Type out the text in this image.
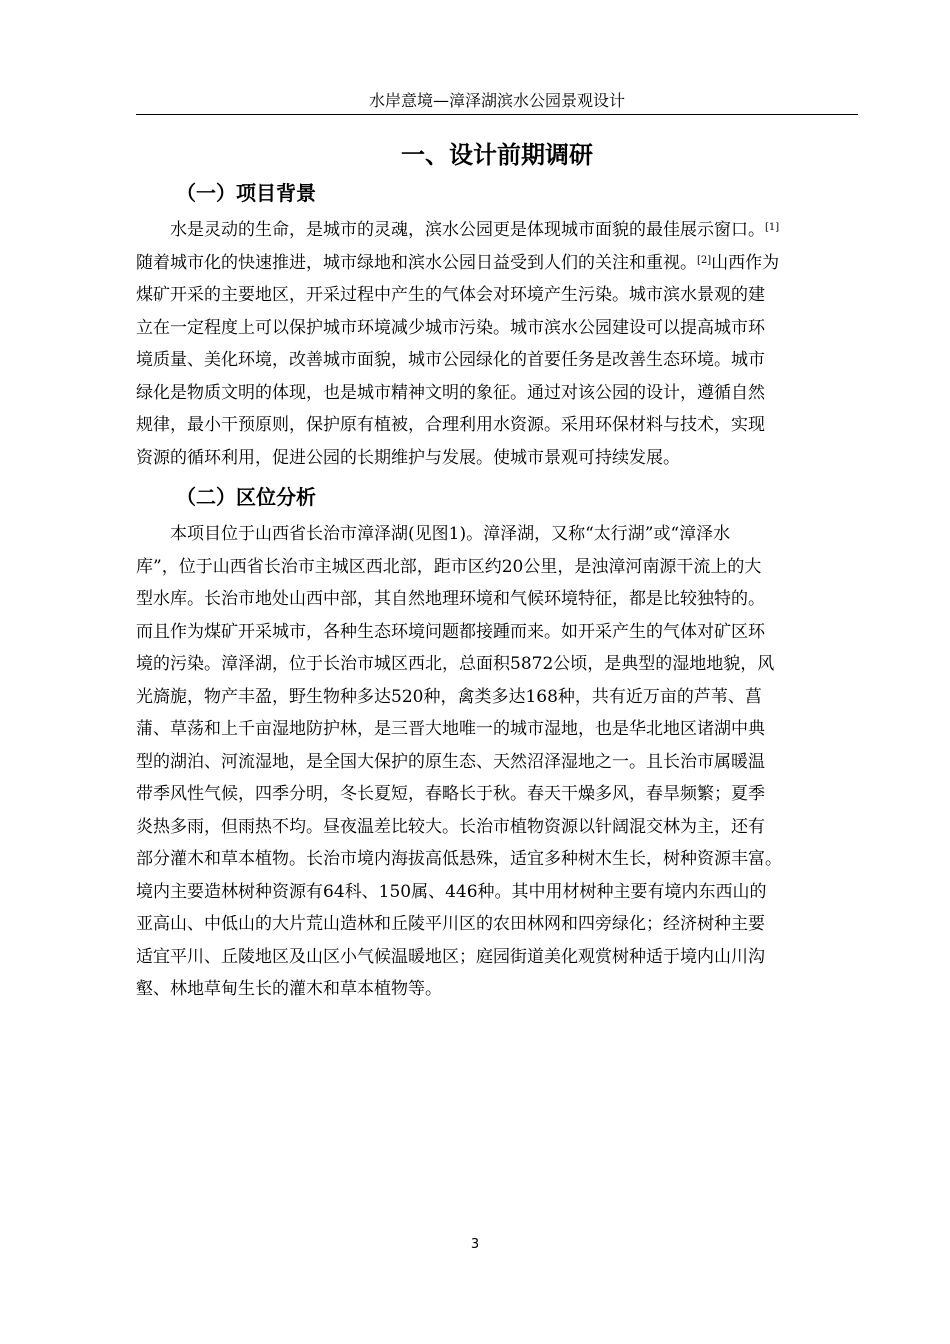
水岸意境—漳泽湖滨水公园景观设计
一、设计前期调研
（一）项目背景
　　水是灵动的生命，是城市的灵魂，滨水公园更是体现城市面貌的最佳展示窗口。[1]
随着城市化的快速推进，城市绿地和滨水公园日益受到人们的关注和重视。[2]山西作为
煤矿开采的主要地区，开采过程中产生的气体会对环境产生污染。城市滨水景观的建
立在一定程度上可以保护城市环境减少城市污染。城市滨水公园建设可以提高城市环
境质量、美化环境，改善城市面貌，城市公园绿化的首要任务是改善生态环境。城市
绿化是物质文明的体现，也是城市精神文明的象征。通过对该公园的设计，遵循自然
规律，最小干预原则，保护原有植被，合理利用水资源。采用环保材料与技术，实现
资源的循环利用，促进公园的长期维护与发展。使城市景观可持续发展。
（二）区位分析
　　本项目位于山西省长治市漳泽湖(见图1)。漳泽湖，又称“太行湖”或“漳泽水
库”，位于山西省长治市主城区西北部，距市区约20公里，是浊漳河南源干流上的大
型水库。长治市地处山西中部，其自然地理环境和气候环境特征，都是比较独特的。
而且作为煤矿开采城市，各种生态环境问题都接踵而来。如开采产生的气体对矿区环
境的污染。漳泽湖，位于长治市城区西北，总面积5872公顷，是典型的湿地地貌，风
光旖旎，物产丰盈，野生物种多达520种，禽类多达168种，共有近万亩的芦苇、菖
蒲、草荡和上千亩湿地防护林，是三晋大地唯一的城市湿地，也是华北地区诸湖中典
型的湖泊、河流湿地，是全国大保护的原生态、天然沼泽湿地之一。且长治市属暖温
带季风性气候，四季分明，冬长夏短，春略长于秋。春天干燥多风，春旱频繁；夏季
炎热多雨，但雨热不均。昼夜温差比较大。长治市植物资源以针阔混交林为主，还有
部分灌木和草本植物。长治市境内海拔高低悬殊，适宜多种树木生长，树种资源丰富。
境内主要造林树种资源有64科、150属、446种。其中用材树种主要有境内东西山的
亚高山、中低山的大片荒山造林和丘陵平川区的农田林网和四旁绿化；经济树种主要
适宜平川、丘陵地区及山区小气候温暖地区；庭园街道美化观赏树种适于境内山川沟
壑、林地草甸生长的灌木和草本植物等。
3
